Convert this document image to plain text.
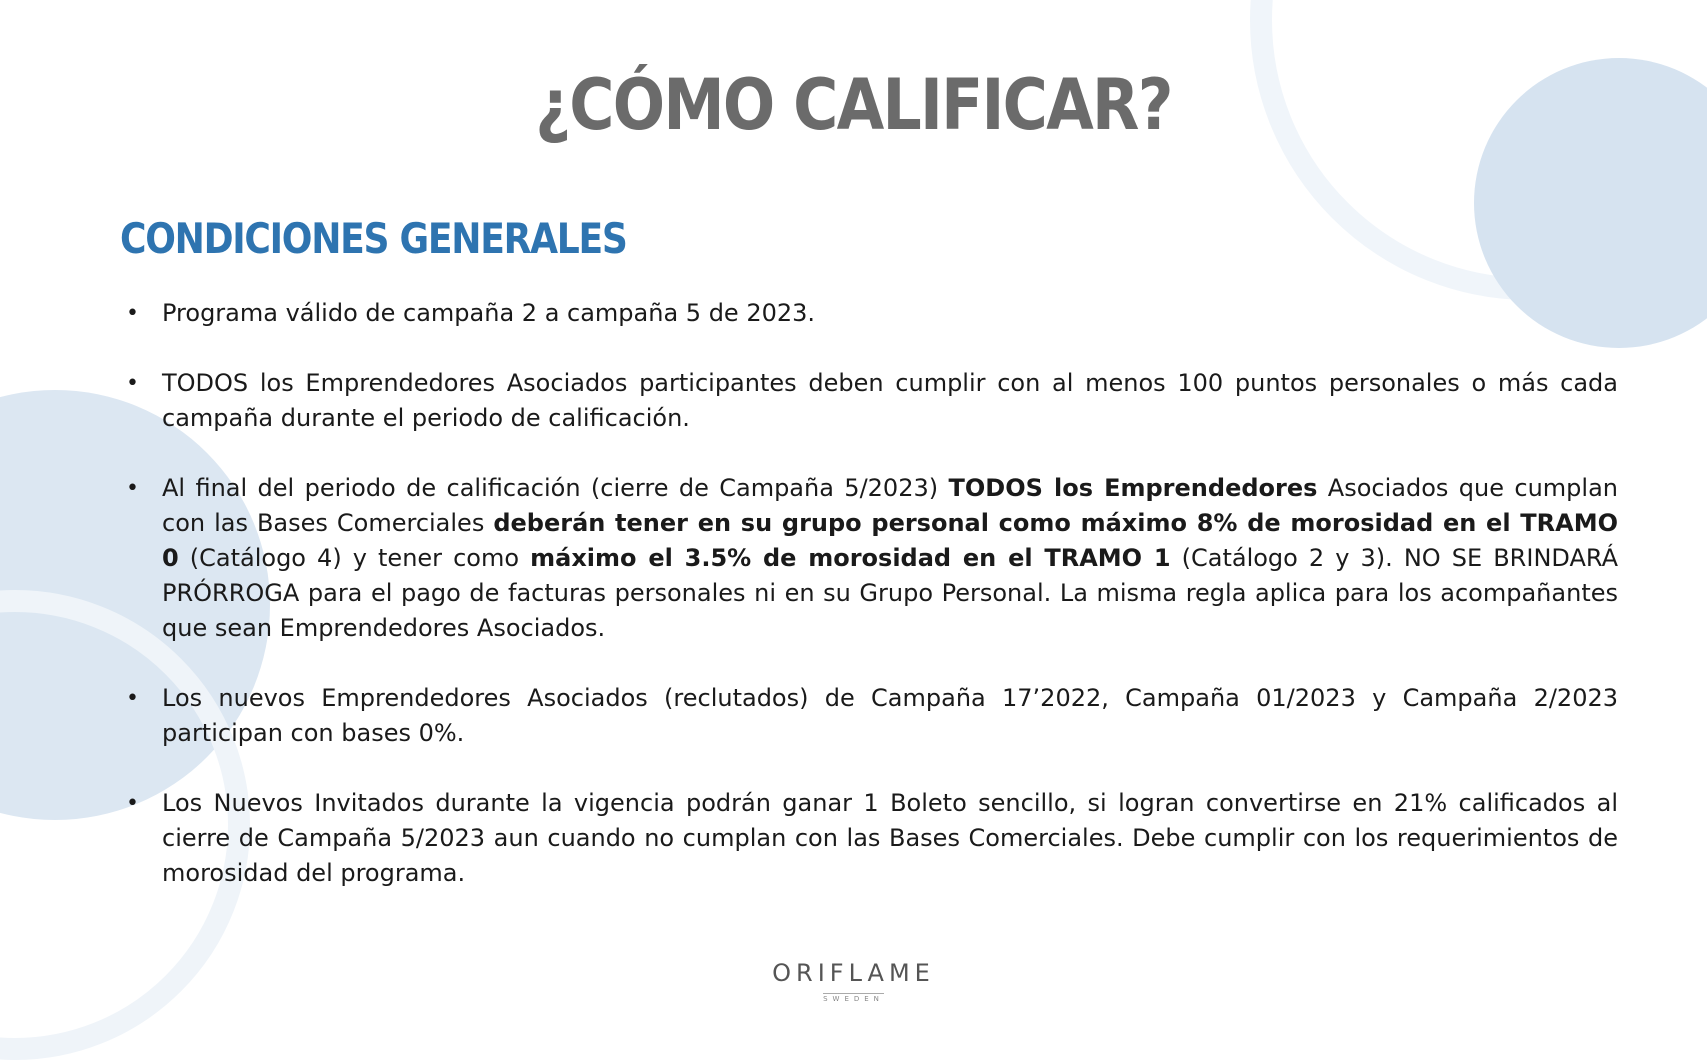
¿CÓMO CALIFICAR?
CONDICIONES GENERALES
• Programa válido de campaña 2 a campaña 5 de 2023.
• TODOS los Emprendedores Asociados participantes deben cumplir con al menos 100 puntos personales o más cada campaña durante el periodo de calificación.
• Al final del periodo de calificación (cierre de Campaña 5/2023) TODOS los Emprendedores Asociados que cumplan con las Bases Comerciales deberán tener en su grupo personal como máximo 8% de morosidad en el TRAMO 0 (Catálogo 4) y tener como máximo el 3.5% de morosidad en el TRAMO 1 (Catálogo 2 y 3). NO SE BRINDARÁ PRÓRROGA para el pago de facturas personales ni en su Grupo Personal. La misma regla aplica para los acompañantes que sean Emprendedores Asociados.
• Los nuevos Emprendedores Asociados (reclutados) de Campaña 17’2022, Campaña 01/2023 y Campaña 2/2023 participan con bases 0%.
• Los Nuevos Invitados durante la vigencia podrán ganar 1 Boleto sencillo, si logran convertirse en 21% calificados al cierre de Campaña 5/2023 aun cuando no cumplan con las Bases Comerciales. Debe cumplir con los requerimientos de morosidad del programa.
ORIFLAME
SWEDEN
